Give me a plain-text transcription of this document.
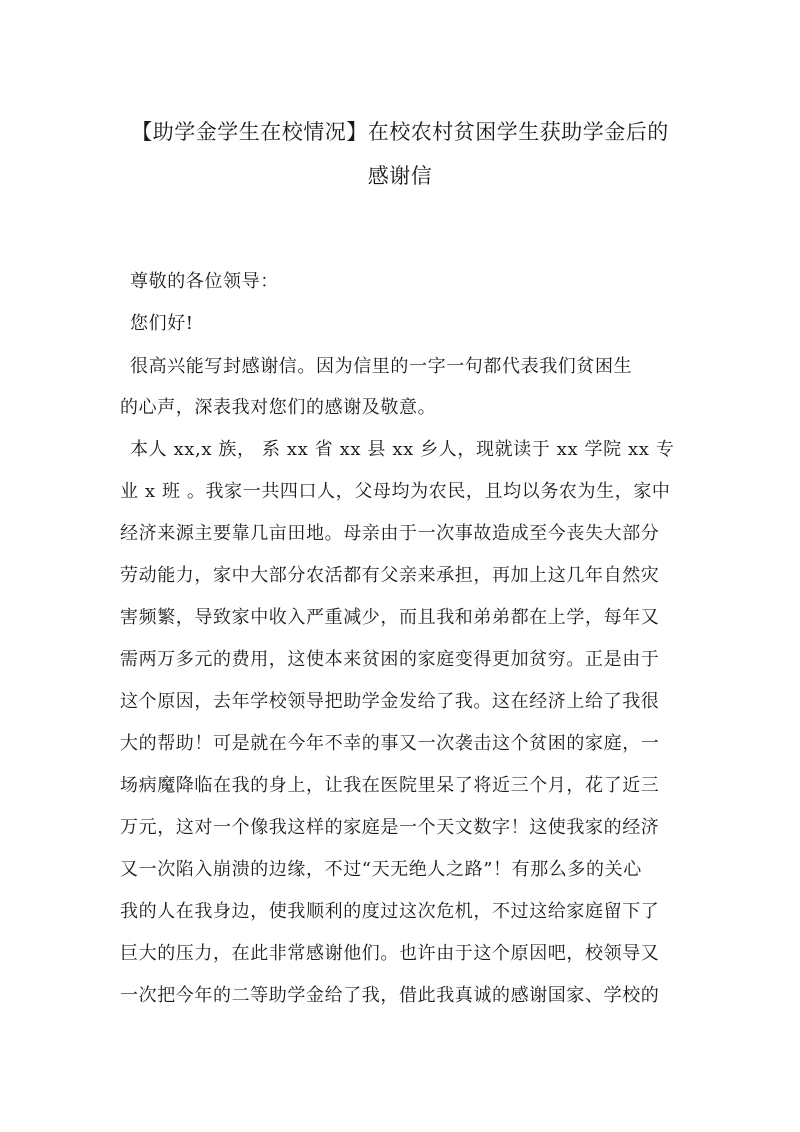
【助学金学生在校情况】在校农村贫困学生获助学金后的
感谢信
尊敬的各位领导：
您们好!
很高兴能写封感谢信。因为信里的一字一句都代表我们贫困生
的心声，深表我对您们的感谢及敬意。
本人 xx,x 族， 系 xx 省 xx 县 xx 乡人，现就读于 xx 学院 xx 专
业 x 班 。我家一共四口人，父母均为农民，且均以务农为生，家中
经济来源主要靠几亩田地。母亲由于一次事故造成至今丧失大部分
劳动能力，家中大部分农活都有父亲来承担，再加上这几年自然灾
害频繁，导致家中收入严重减少，而且我和弟弟都在上学，每年又
需两万多元的费用，这使本来贫困的家庭变得更加贫穷。正是由于
这个原因，去年学校领导把助学金发给了我。这在经济上给了我很
大的帮助！可是就在今年不幸的事又一次袭击这个贫困的家庭，一
场病魔降临在我的身上，让我在医院里呆了将近三个月，花了近三
万元，这对一个像我这样的家庭是一个天文数字！这使我家的经济
又一次陷入崩溃的边缘，不过“天无绝人之路”！有那么多的关心
我的人在我身边，使我顺利的度过这次危机，不过这给家庭留下了
巨大的压力，在此非常感谢他们。也许由于这个原因吧，校领导又
一次把今年的二等助学金给了我，借此我真诚的感谢国家、学校的
